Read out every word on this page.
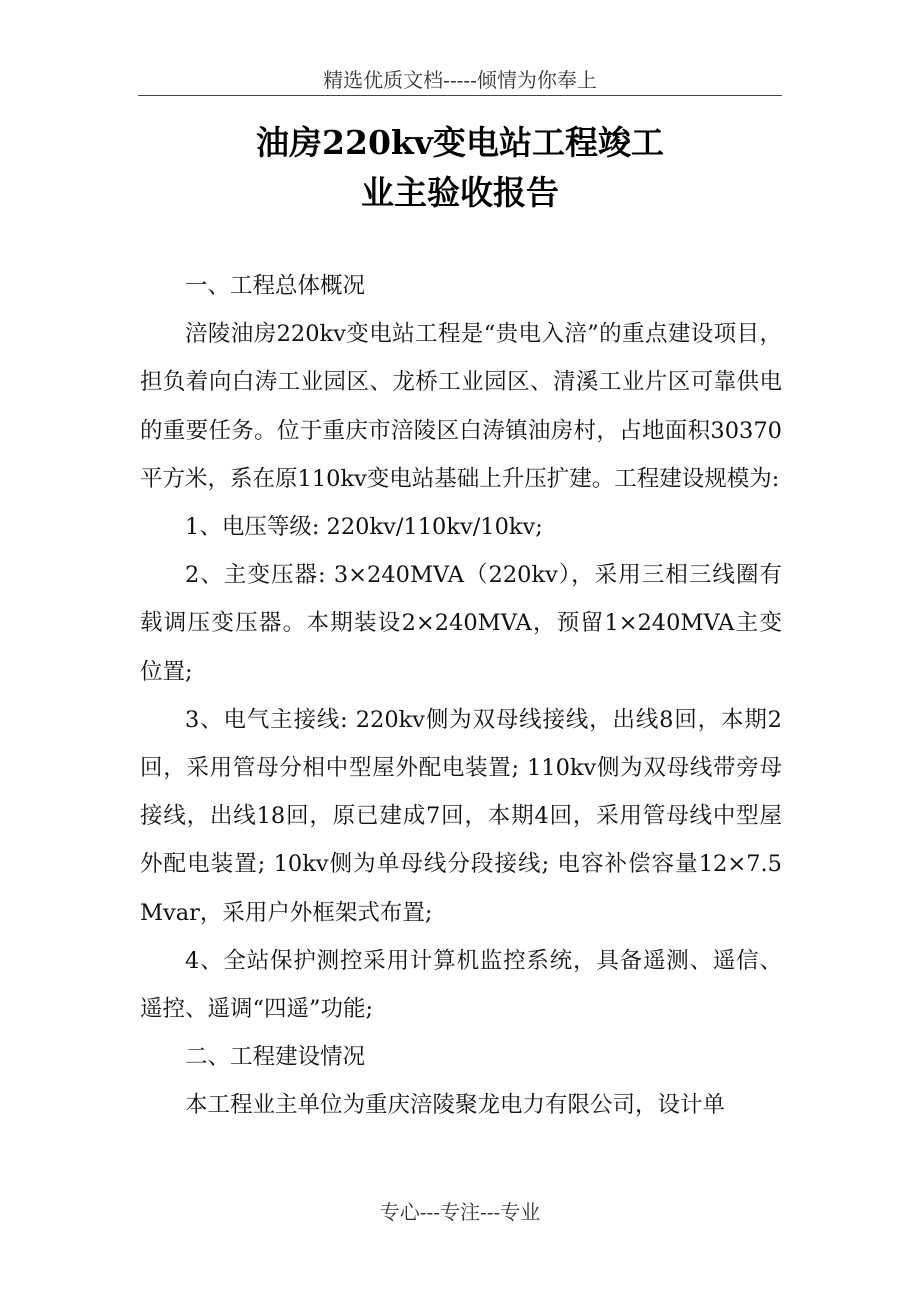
精选优质文档-----倾情为你奉上
油房220kv变电站工程竣工
业主验收报告

一、工程总体概况

涪陵油房220kv变电站工程是“贵电入涪”的重点建设项目，担负着向白涛工业园区、龙桥工业园区、清溪工业片区可靠供电的重要任务。位于重庆市涪陵区白涛镇油房村，占地面积30370平方米，系在原110kv变电站基础上升压扩建。工程建设规模为:

1、电压等级: 220kv/110kv/10kv;

2、主变压器: 3×240MVA（220kv），采用三相三线圈有载调压变压器。本期装设2×240MVA，预留1×240MVA主变位置;

3、电气主接线: 220kv侧为双母线接线，出线8回，本期2回，采用管母分相中型屋外配电装置; 110kv侧为双母线带旁母接线，出线18回，原已建成7回，本期4回，采用管母线中型屋外配电装置; 10kv侧为单母线分段接线; 电容补偿容量12×7.5 Mvar，采用户外框架式布置;

4、全站保护测控采用计算机监控系统，具备遥测、遥信、遥控、遥调“四遥”功能;

二、工程建设情况

本工程业主单位为重庆涪陵聚龙电力有限公司，设计单

专心---专注---专业
